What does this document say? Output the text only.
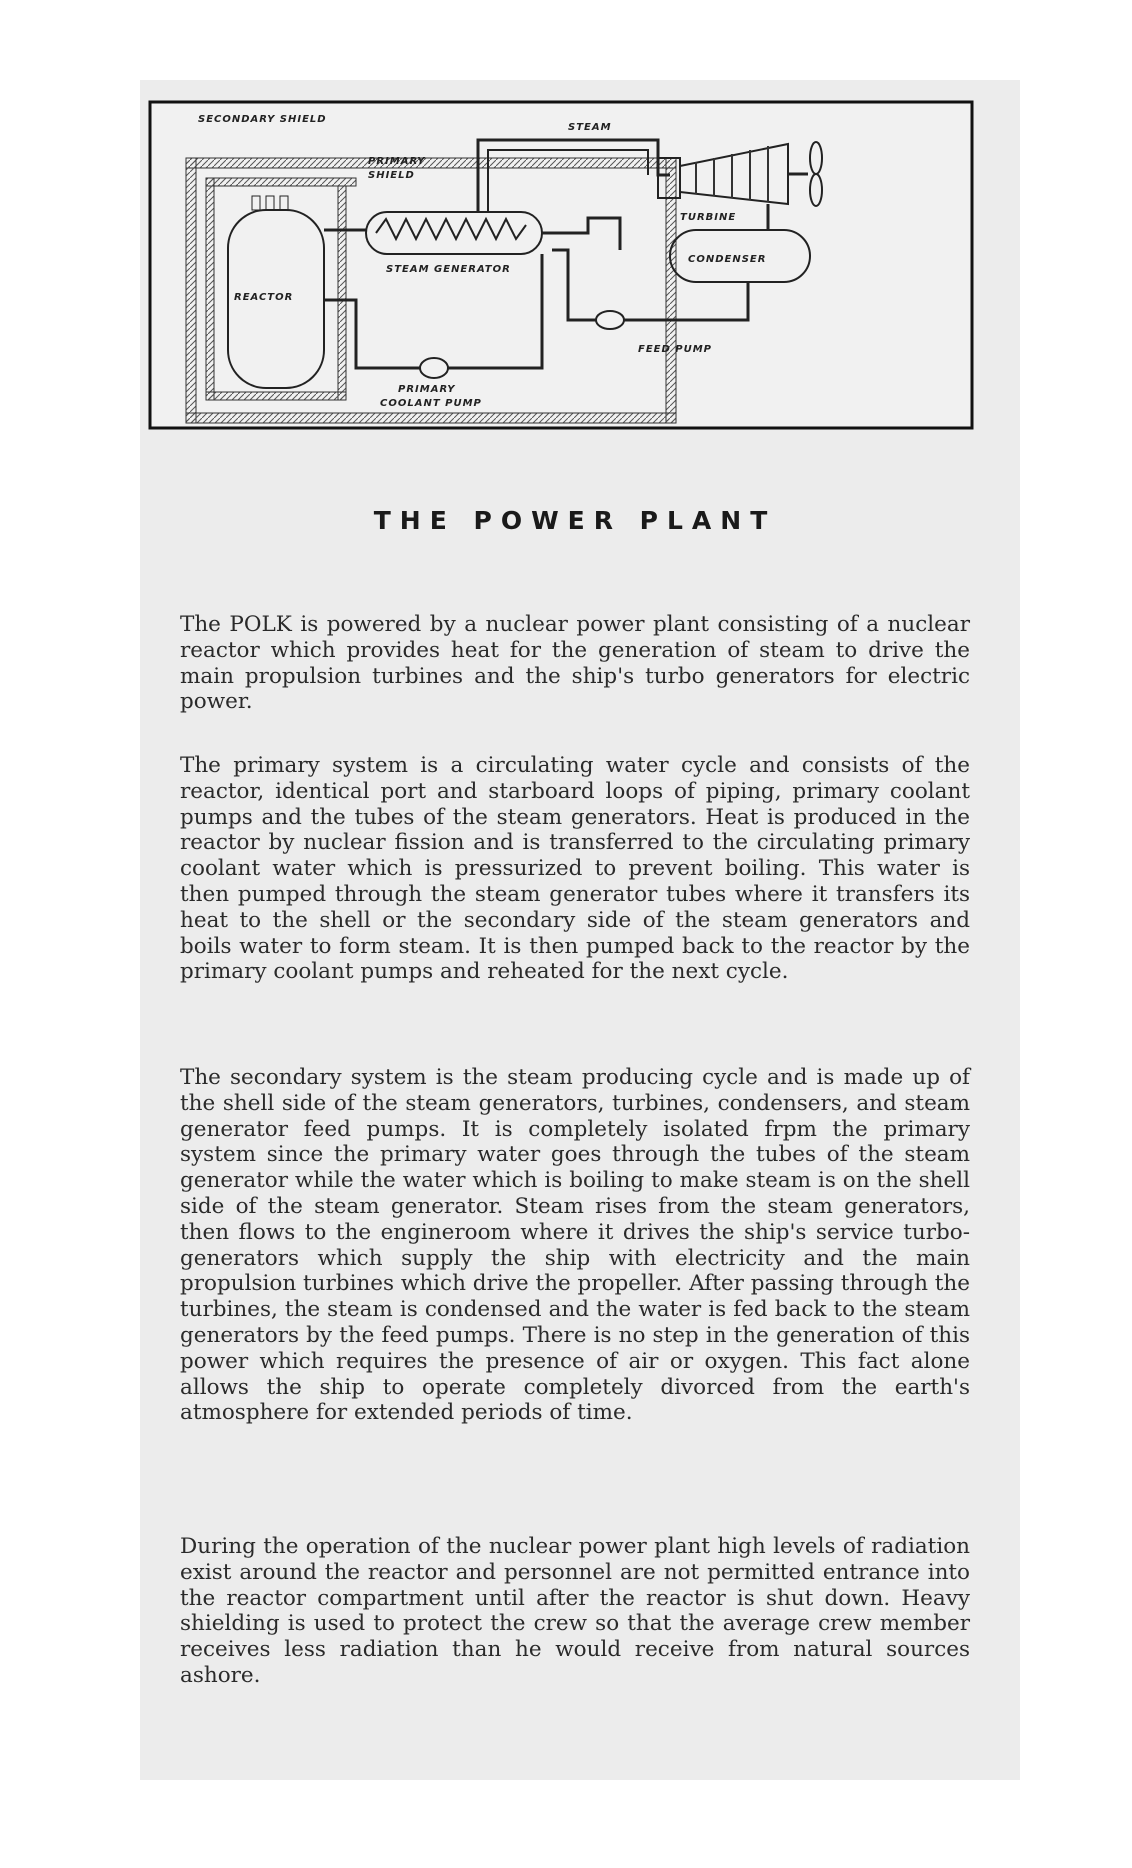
SECONDARY SHIELD
PRIMARY
SHIELD
STEAM
TURBINE
REACTOR
STEAM GENERATOR
CONDENSER
PRIMARY
COOLANT PUMP
FEED PUMP
THE POWER PLANT

The POLK is powered by a nuclear power plant consisting of a nuclear reactor which provides heat for the generation of steam to drive the main propulsion turbines and the ship's turbo generators for electric power.

The primary system is a circulating water cycle and consists of the reactor, identical port and starboard loops of piping, primary coolant pumps and the tubes of the steam generators. Heat is produced in the reactor by nuclear fission and is transferred to the circulating primary coolant water which is pressurized to prevent boiling. This water is then pumped through the steam generator tubes where it transfers its heat to the shell or the secondary side of the steam generators and boils water to form steam. It is then pumped back to the reactor by the primary coolant pumps and reheated for the next cycle.

The secondary system is the steam producing cycle and is made up of the shell side of the steam generators, turbines, condensers, and steam generator feed pumps. It is completely isolated frpm the primary system since the primary water goes through the tubes of the steam generator while the water which is boiling to make steam is on the shell side of the steam generator. Steam rises from the steam generators, then flows to the engineroom where it drives the ship's service turbo-generators which supply the ship with electricity and the main propulsion turbines which drive the propeller. After passing through the turbines, the steam is condensed and the water is fed back to the steam generators by the feed pumps. There is no step in the generation of this power which requires the presence of air or oxygen. This fact alone allows the ship to operate completely divorced from the earth's atmosphere for extended periods of time.

During the operation of the nuclear power plant high levels of radiation exist around the reactor and personnel are not permitted entrance into the reactor compartment until after the reactor is shut down. Heavy shielding is used to protect the crew so that the average crew member receives less radiation than he would receive from natural sources ashore.
